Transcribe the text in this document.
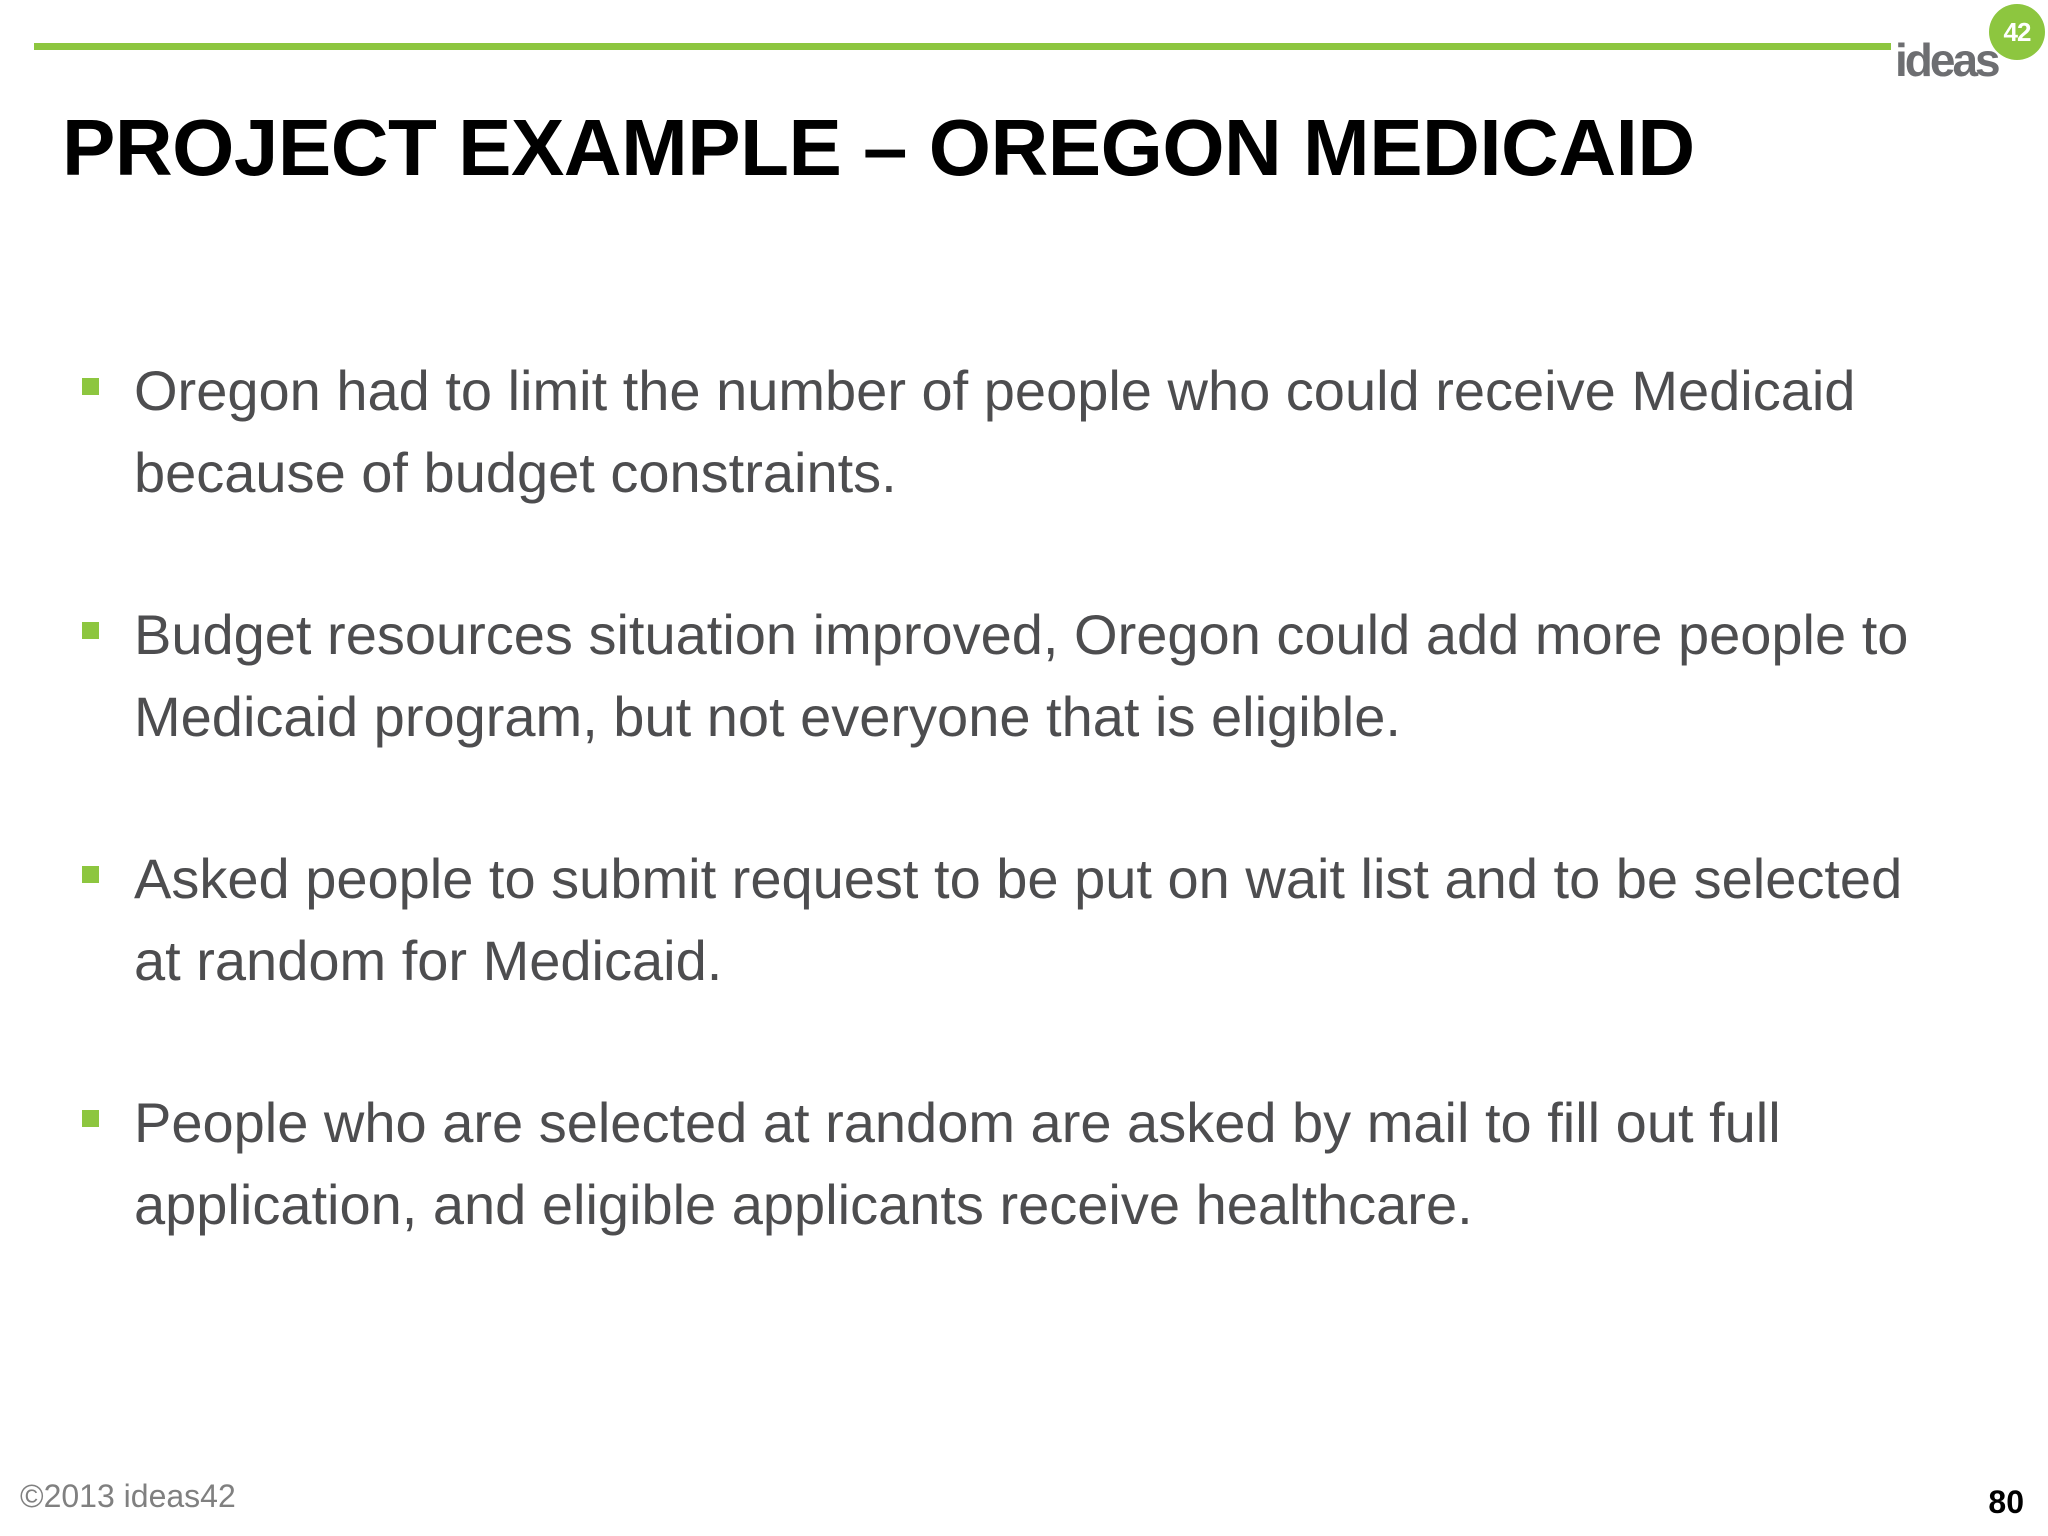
42
ideas
PROJECT EXAMPLE – OREGON MEDICAID
Oregon had to limit the number of people who could receive Medicaid because of budget constraints.
Budget resources situation improved, Oregon could add more people to Medicaid program, but not everyone that is eligible.
Asked people to submit request to be put on wait list and to be selected at random for Medicaid.
People who are selected at random are asked by mail to fill out full application, and eligible applicants receive healthcare.
©2013 ideas42	80
